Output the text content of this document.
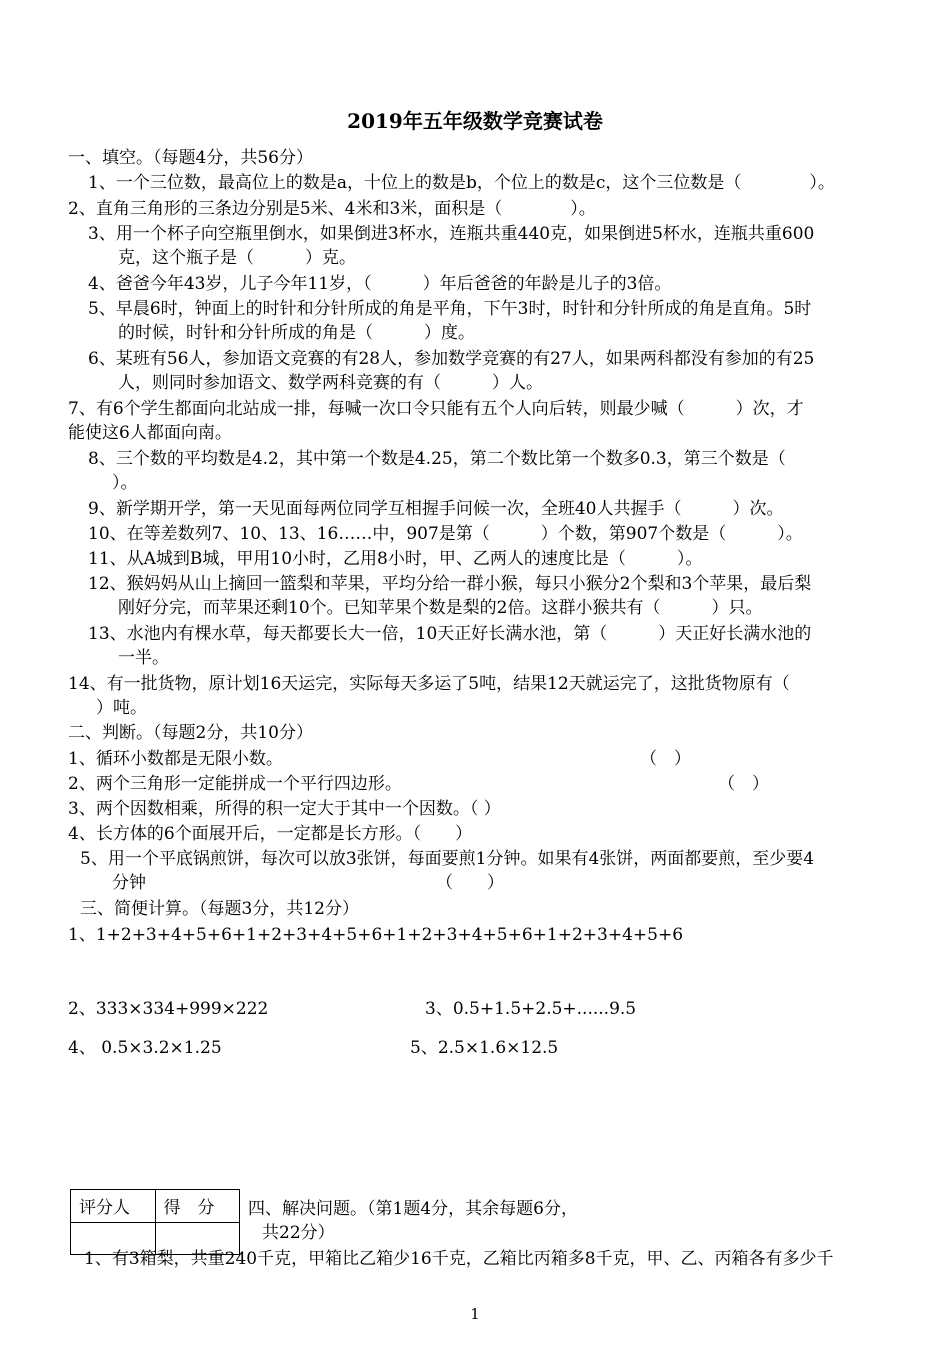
2019年五年级数学竞赛试卷
一、填空。（每题4分，共56分）
1、一个三位数，最高位上的数是a，十位上的数是b，个位上的数是c，这个三位数是（　　　　）。
2、直角三角形的三条边分别是5米、4米和3米，面积是（　　　　）。
3、用一个杯子向空瓶里倒水，如果倒进3杯水，连瓶共重440克，如果倒进5杯水，连瓶共重600
克，这个瓶子是（　　　）克。
4、爸爸今年43岁，儿子今年11岁，（　　　）年后爸爸的年龄是儿子的3倍。
5、早晨6时，钟面上的时针和分针所成的角是平角，下午3时，时针和分针所成的角是直角。5时
的时候，时针和分针所成的角是（　　　）度。
6、某班有56人，参加语文竞赛的有28人，参加数学竞赛的有27人，如果两科都没有参加的有25
人，则同时参加语文、数学两科竞赛的有（　　　）人。
7、有6个学生都面向北站成一排，每喊一次口令只能有五个人向后转，则最少喊（　　　）次，才
能使这6人都面向南。
8、三个数的平均数是4.2，其中第一个数是4.25，第二个数比第一个数多0.3，第三个数是（
）。
9、新学期开学，第一天见面每两位同学互相握手问候一次，全班40人共握手（　　　）次。
10、在等差数列7、10、13、16……中，907是第（　　　）个数，第907个数是（　　　）。
11、从A城到B城，甲用10小时，乙用8小时，甲、乙两人的速度比是（　　　）。
12、猴妈妈从山上摘回一篮梨和苹果，平均分给一群小猴，每只小猴分2个梨和3个苹果，最后梨
刚好分完，而苹果还剩10个。已知苹果个数是梨的2倍。这群小猴共有（　　　）只。
13、水池内有棵水草，每天都要长大一倍，10天正好长满水池，第（　　　）天正好长满水池的
一半。
14、有一批货物，原计划16天运完，实际每天多运了5吨，结果12天就运完了，这批货物原有（
）吨。
二、判断。（每题2分，共10分）
1、循环小数都是无限小数。	（　）
2、两个三角形一定能拼成一个平行四边形。	（　）
3、两个因数相乘，所得的积一定大于其中一个因数。（ ）
4、长方体的6个面展开后，一定都是长方形。（　　）
5、用一个平底锅煎饼，每次可以放3张饼，每面要煎1分钟。如果有4张饼，两面都要煎，至少要4
分钟	（　　）
三、简便计算。（每题3分，共12分）
1、1+2+3+4+5+6+1+2+3+4+5+6+1+2+3+4+5+6+1+2+3+4+5+6
2、333×334+999×222	3、0.5+1.5+2.5+......9.5
4、 0.5×3.2×1.25	5、2.5×1.6×12.5
评分人	得　分
	四、解决问题。（第1题4分，其余每题6分，
共22分）
1、有3箱梨，共重240千克，甲箱比乙箱少16千克，乙箱比丙箱多8千克，甲、乙、丙箱各有多少千
1
